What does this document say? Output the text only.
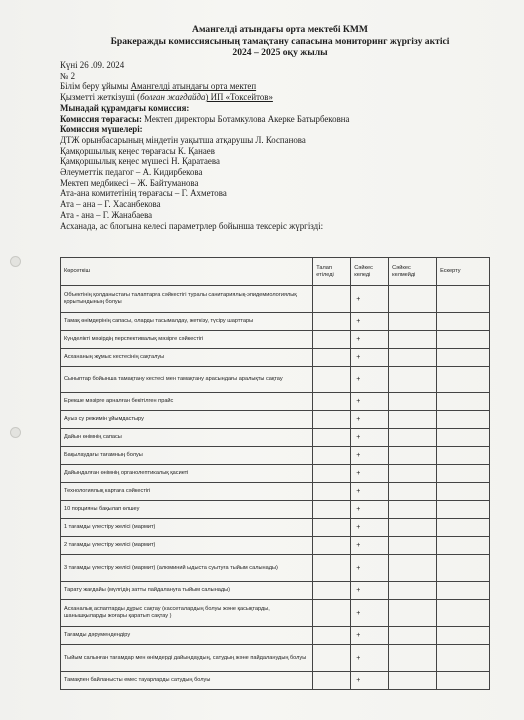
Амангелді атындағы орта мектебі КММ
Бракеражды комиссиясының тамақтану сапасына мониторинг жүргізу актісі
2024 – 2025 оқу жылы
Күні 26 .09. 2024
№ 2
Білім беру ұйымы Амангелді атындағы орта мектеп
Қызметті жеткізуші (болған жағдайда) ИП «Токсейтов»
Мынадай құрамдағы комиссия:
Комиссия төрағасы: Мектеп директоры Ботамкулова Акерке Батырбековна
Комиссия мүшелері:
ДТЖ орынбасарының міндетін уақытша атқарушы Л. Коспанова
Қамқоршылық кеңес төрағасы К. Қанаев
Қамқоршылық кеңес мүшесі Н. Қаратаева
Әлеуметтік педагог – А. Кидирбекова
Мектеп медбикесі – Ж. Байтуманова
Ата-ана комитетінің төрағасы – Г. Ахметова
Ата – ана – Г. Хасанбекова
Ата - ана – Г. Жанабаева
Асханада, ас блогына келесі параметрлер бойынша тексеріс жүргізді:
Көрсеткіш	Талап етіледі	Сәйкес келеді	Сәйкес келмейді	Ескерту
Объектінің қолданыстағы талаптарға сәйкестігі туралы санитариялық-эпидемиологиялық қорытындының болуы		+		
Тамақ өнімдерінің сапасы, оларды тасымалдау, жеткізу, түсіру шарттары		+		
Күнделікті мәзірдің перспективалық мәзірге сәйкестігі		+		
Асхананың жұмыс кестесінің сақталуы		+		
Сыныптар бойынша тамақтану кестесі мен тамақтану арасындағы аралықты сақтау		+		
Ерекше мәзірге арналған бекітілген прайс		+		
Ауыз су режимін ұйымдастыру		+		
Дайын өнімнің сапасы		+		
Бақылаудағы тағамның болуы		+		
Дайындалған өнімнің органолептикалық қасиеті		+		
Технологиялық картаға сәйкестігі		+		
10 порцияны бақылап өлшеу		+		
1 тағамды үлестіру желісі (мармит)		+		
2 тағамды үлестіру желісі (мармит)		+		
3 тағамды үлестіру желісі (мармит) (алюминий ыдыста суытуға тыйым салынады)		+		
Тарату жағдайы (мүлгідің затты пайдалануға тыйым салынады)		+		
Асханалық аспаптарды дұрыс сақтау (кассеталардың болуы және қасықтарды, шанышқыларды жоғары қаратып сақтау )		+		
Тағамды дәрумендендіру		+		
Тыйым салынған тағамдар мен өнімдерді дайындаудың, сатудың және пайдаланудың болуы		+		
Тамақпен байланысты емес тауарларды сатудың болуы		+		
